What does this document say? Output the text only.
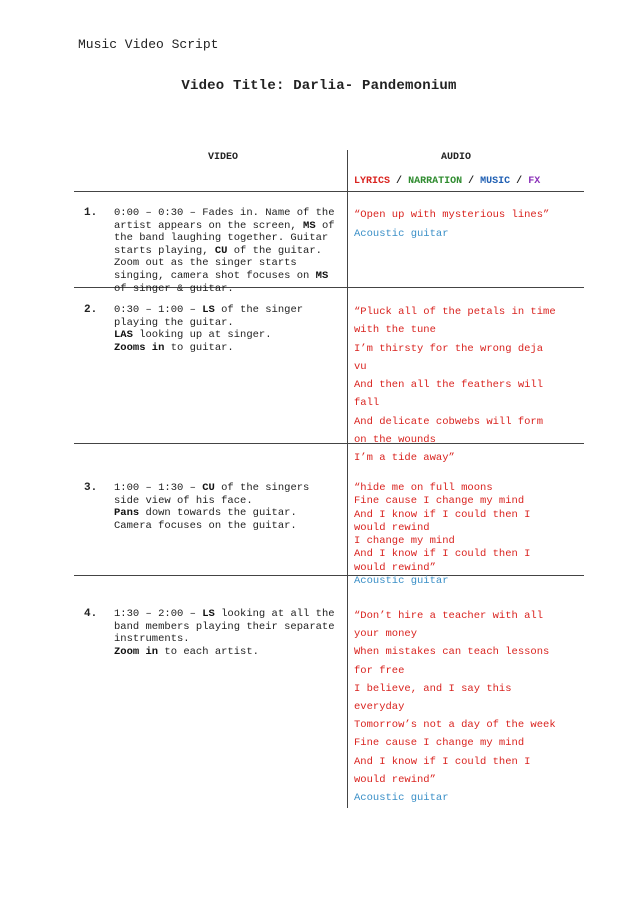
Music Video Script
Video Title: Darlia- Pandemonium
VIDEO	AUDIO
LYRICS / NARRATION / MUSIC / FX
1. 0:00 – 0:30 – Fades in. Name of the
artist appears on the screen, MS of
the band laughing together. Guitar
starts playing, CU of the guitar.
Zoom out as the singer starts
singing, camera shot focuses on MS
of singer & guitar.
“Open up with mysterious lines”
Acoustic guitar
2. 0:30 – 1:00 – LS of the singer
playing the guitar.
LAS looking up at singer.
Zooms in to guitar.
“Pluck all of the petals in time
with the tune
I’m thirsty for the wrong deja
vu
And then all the feathers will
fall
And delicate cobwebs will form
on the wounds
I’m a tide away”
3. 1:00 – 1:30 – CU of the singers
side view of his face.
Pans down towards the guitar.
Camera focuses on the guitar.
“hide me on full moons
Fine cause I change my mind
And I know if I could then I
would rewind
I change my mind
And I know if I could then I
would rewind”
Acoustic guitar
4. 1:30 – 2:00 – LS looking at all the
band members playing their separate
instruments.
Zoom in to each artist.
“Don’t hire a teacher with all
your money
When mistakes can teach lessons
for free
I believe, and I say this
everyday
Tomorrow’s not a day of the week
Fine cause I change my mind
And I know if I could then I
would rewind”
Acoustic guitar
